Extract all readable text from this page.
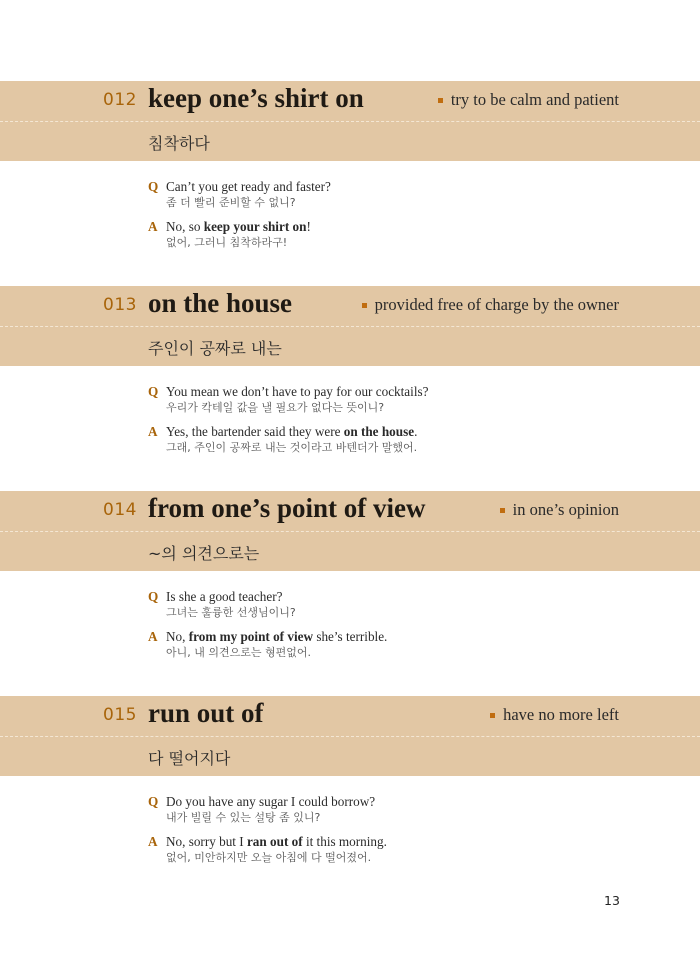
012 keep one’s shirt on	try to be calm and patient
침착하다
Q Can’t you get ready and faster?
좀 더 빨리 준비할 수 없니?
A No, so keep your shirt on!
없어, 그러니 침착하라구!
013 on the house	provided free of charge by the owner
주인이 공짜로 내는
Q You mean we don’t have to pay for our cocktails?
우리가 칵테일 값을 낼 필요가 없다는 뜻이니?
A Yes, the bartender said they were on the house.
그래, 주인이 공짜로 내는 것이라고 바텐더가 말했어.
014 from one’s point of view	in one’s opinion
~의 의견으로는
Q Is she a good teacher?
그녀는 훌륭한 선생님이니?
A No, from my point of view she’s terrible.
아니, 내 의견으로는 형편없어.
015 run out of	have no more left
다 떨어지다
Q Do you have any sugar I could borrow?
내가 빌릴 수 있는 설탕 좀 있니?
A No, sorry but I ran out of it this morning.
없어, 미안하지만 오늘 아침에 다 떨어졌어.
13
